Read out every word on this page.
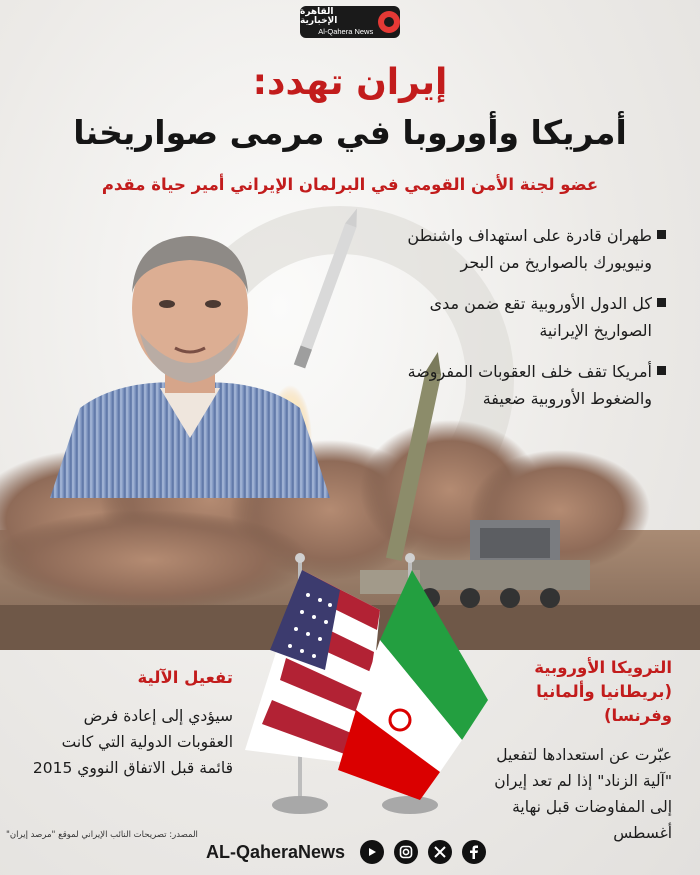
القاهرة الإخبارية
Al-Qahera News
إيران تهدد:
أمريكا وأوروبا في مرمى صواريخنا
عضو لجنة الأمن القومي في البرلمان الإيراني أمير حياة مقدم
طهران قادرة على استهداف واشنطن ونيويورك بالصواريخ من البحر
كل الدول الأوروبية تقع ضمن مدى الصواريخ الإيرانية
أمريكا تقف خلف العقوبات المفروضة والضغوط الأوروبية ضعيفة
تفعيل الآلية
سيؤدي إلى إعادة فرض العقوبات الدولية التي كانت قائمة قبل الاتفاق النووي 2015
الترويكا الأوروبية
(بريطانيا وألمانيا وفرنسا)
عبّرت عن استعدادها لتفعيل "آلية الزناد" إذا لم تعد إيران إلى المفاوضات قبل نهاية أغسطس
المصدر: تصريحات النائب الإيراني لموقع "مرصد إيران"
AL-QaheraNews
